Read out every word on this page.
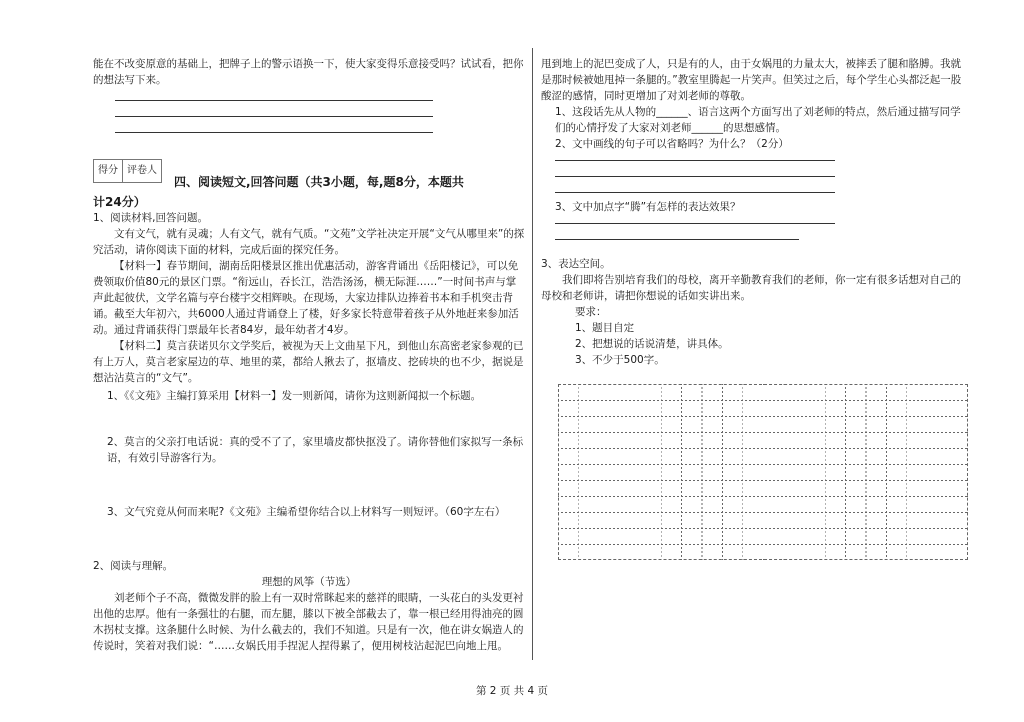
能在不改变原意的基础上，把牌子上的警示语换一下，使大家变得乐意接受吗？试试看，把你

的想法写下来。

得分 评卷人
四、阅读短文,回答问题（共3小题，每,题8分，本题共

计24分）

1、阅读材料,回答问题。

文有文气，就有灵魂；人有文气，就有气质。“文苑”文学社决定开展“文气从哪里来”的探究活动，请你阅读下面的材料，完成后面的探究任务。

【材料一】春节期间，湖南岳阳楼景区推出优惠活动，游客背诵出《岳阳楼记》，可以免费领取价值80元的景区门票。“衔远山，吞长江，浩浩汤汤，横无际涯……”一时间书声与掌声此起彼伏，文学名篇与亭台楼宇交相辉映。在现场，大家边排队边捧着书本和手机突击背诵。截至大年初六，共6000人通过背诵登上了楼，好多家长特意带着孩子从外地赶来参加活动。通过背诵获得门票最年长者84岁，最年幼者才4岁。

【材料二】莫言获诺贝尔文学奖后，被视为天上文曲星下凡，到他山东高密老家参观的已有上万人，莫言老家屋边的草、地里的菜，都给人揪去了，抠墙皮、挖砖块的也不少，据说是想沾沾莫言的“文气”。

1、《《文苑》主编打算采用【材料一】发一则新闻，请你为这则新闻拟一个标题。

2、莫言的父亲打电话说：真的受不了了，家里墙皮都快抠没了。请你替他们家拟写一条标语，有效引导游客行为。

3、文气究竟从何而来呢?《文苑》主编希望你结合以上材料写一则短评。（60字左右）

2、阅读与理解。

理想的风筝（节选）

刘老师个子不高，微微发胖的脸上有一双时常眯起来的慈祥的眼睛，一头花白的头发更衬出他的忠厚。他有一条强壮的右腿，而左腿，膝以下被全部截去了，靠一根已经用得油亮的圆木拐杖支撑。这条腿什么时候、为什么截去的，我们不知道。只是有一次，他在讲女娲造人的传说时，笑着对我们说：“……女娲氏用手捏泥人捏得累了，便用树枝沾起泥巴向地上甩。

甩到地上的泥巴变成了人，只是有的人，由于女娲甩的力量太大，被摔丢了腿和胳膊。我就是那时候被她甩掉一条腿的。”教室里腾起一片笑声。但笑过之后，每个学生心头都泛起一股酸涩的感情，同时更增加了对刘老师的尊敬。

1、这段话先从人物的______、语言这两个方面写出了刘老师的特点，然后通过描写同学们的心情抒发了大家对刘老师______的思想感情。

2、文中画线的句子可以省略吗？为什么？（2分）

3、文中加点字“腾”有怎样的表达效果？

3、表达空间。

我们即将告别培育我们的母校，离开辛勤教育我们的老师，你一定有很多话想对自己的母校和老师讲，请把你想说的话如实讲出来。

要求：

1、题目自定

2、把想说的话说清楚，讲具体。

3、不少于500字。

第 2 页 共 4 页
